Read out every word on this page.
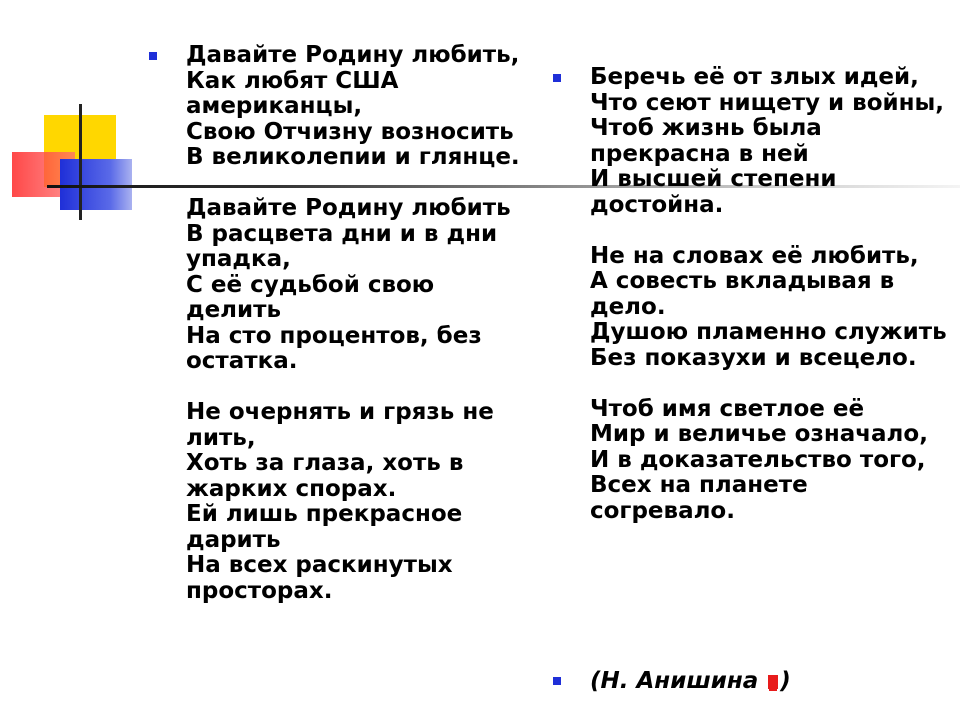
Давайте Родину любить,
Как любят США американцы,
Свою Отчизну возносить
В великолепии и глянце.

Давайте Родину любить
В расцвета дни и в дни упадка,
С её судьбой свою делить
На сто процентов, без остатка.

Не очернять и грязь не лить,
Хоть за глаза, хоть в жарких спорах.
Ей лишь прекрасное дарить
На всех раскинутых просторах.
Беречь её от злых идей,
Что сеют нищету и войны,
Чтоб жизнь была прекрасна в ней
И высшей степени достойна.

Не на словах её любить,
А совесть вкладывая в дело.
Душою пламенно служить
Без показухи и всецело.

Чтоб имя светлое её
Мир и величье означало,
И в доказательство того,
Всех на планете согревало.
(Н. Анишина )
